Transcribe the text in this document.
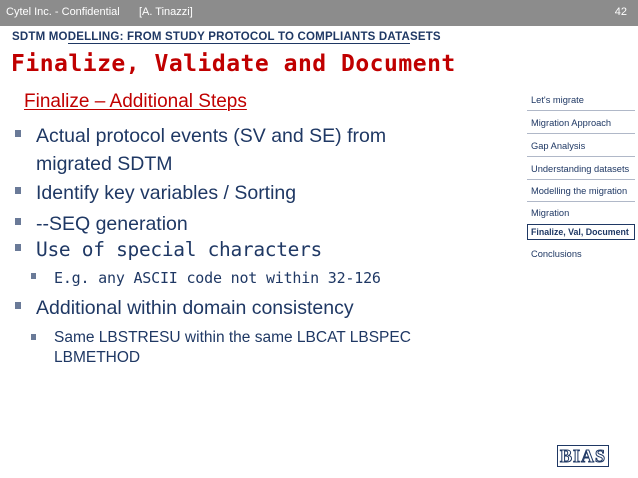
Cytel Inc. - Confidential [A. Tinazzi]	42
SDTM MODELLING: FROM STUDY PROTOCOL TO COMPLIANTS DATASETS
Finalize, Validate and Document
Finalize – Additional Steps
Actual protocol events (SV and SE) from migrated SDTM
Identify key variables / Sorting
--SEQ generation
Use of special characters
E.g. any ASCII code not within 32-126
Additional within domain consistency
Same LBSTRESU within the same LBCAT LBSPEC LBMETHOD
Let's migrate
Migration Approach
Gap Analysis
Understanding datasets
Modelling the migration
Migration
Finalize, Val, Document
Conclusions
BIAS
